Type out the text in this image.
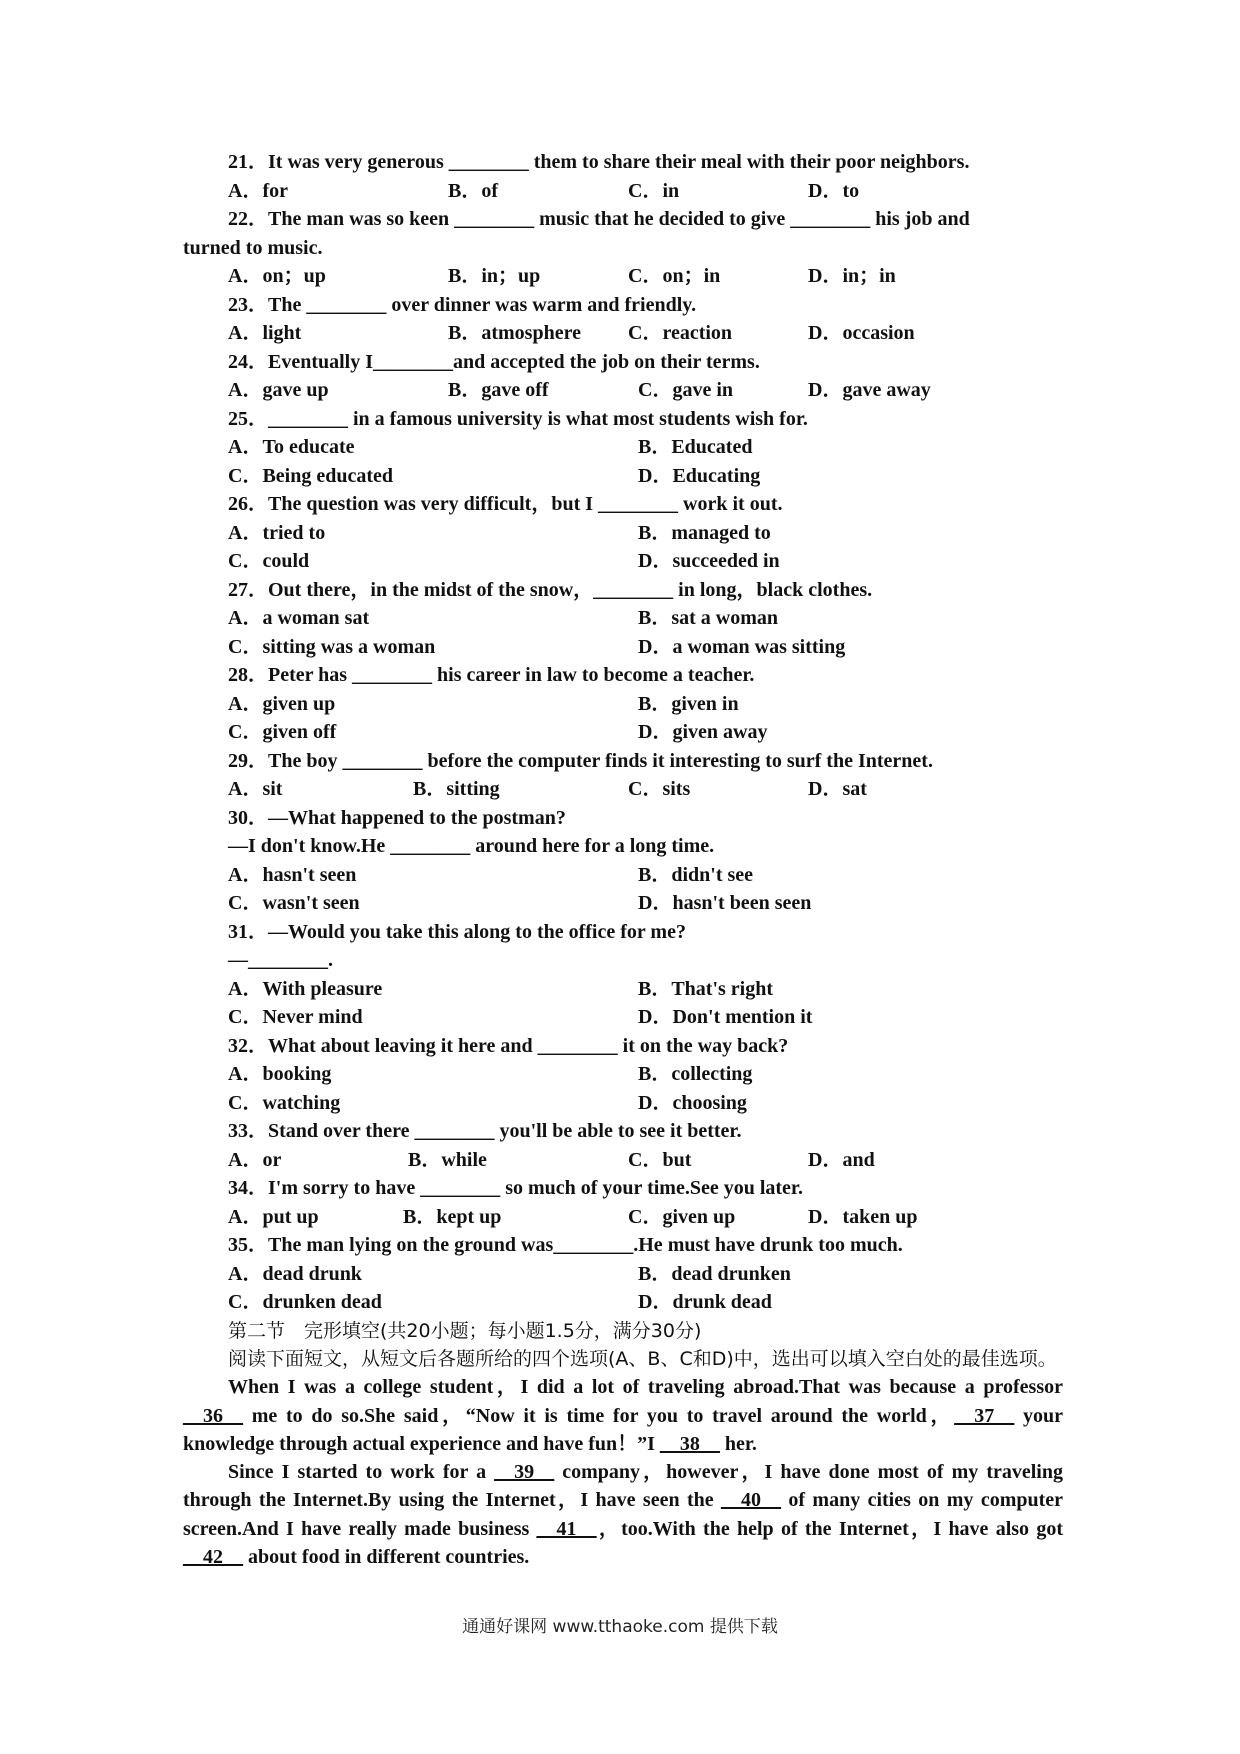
21．It was very generous ________ them to share their meal with their poor neighbors.
A．for	B．of	C．in	D．to
22．The man was so keen ________ music that he decided to give ________ his job and
turned to music.
A．on；up	B．in；up	C．on；in	D．in；in
23．The ________ over dinner was warm and friendly.
A．light	B．atmosphere	C．reaction	D．occasion
24．Eventually I________and accepted the job on their terms.
A．gave up	B．gave off	C．gave in	D．gave away
25．________ in a famous university is what most students wish for.
A．To educate	B．Educated
C．Being educated	D．Educating
26．The question was very difficult，but I ________ work it out.
A．tried to	B．managed to
C．could	D．succeeded in
27．Out there，in the midst of the snow，________ in long，black clothes.
A．a woman sat	B．sat a woman
C．sitting was a woman	D．a woman was sitting
28．Peter has ________ his career in law to become a teacher.
A．given up	B．given in
C．given off	D．given away
29．The boy ________ before the computer finds it interesting to surf the Internet.
A．sit	B．sitting	C．sits	D．sat
30．—What happened to the postman?
—I don't know.He ________ around here for a long time.
A．hasn't seen	B．didn't see
C．wasn't seen	D．hasn't been seen
31．—Would you take this along to the office for me?
—________.
A．With pleasure	B．That's right
C．Never mind	D．Don't mention it
32．What about leaving it here and ________ it on the way back?
A．booking	B．collecting
C．watching	D．choosing
33．Stand over there ________ you'll be able to see it better.
A．or	B．while	C．but	D．and
34．I'm sorry to have ________ so much of your time.See you later.
A．put up	B．kept up	C．given up	D．taken up
35．The man lying on the ground was________.He must have drunk too much.
A．dead drunk	B．dead drunken
C．drunken dead	D．drunk dead
第二节　完形填空(共20小题；每小题1.5分，满分30分)

阅读下面短文，从短文后各题所给的四个选项(A、B、C和D)中，选出可以填入空白处的最佳选项。

When I was a college student，I did a lot of traveling abroad.That was because a professor __36__ me to do so.She said，“Now it is time for you to travel around the world，__37__ your knowledge through actual experience and have fun！”I __38__ her.

Since I started to work for a __39__ company，however，I have done most of my traveling through the Internet.By using the Internet，I have seen the __40__ of many cities on my computer screen.And I have really made business __41__，too.With the help of the Internet，I have also got __42__ about food in different countries.

通通好课网 www.tthaoke.com 提供下载
